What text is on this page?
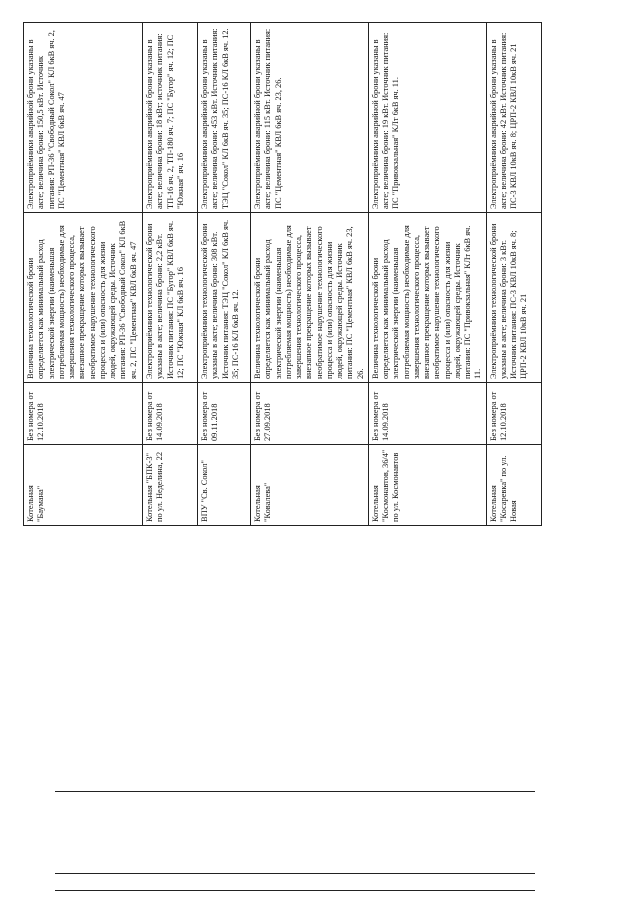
Котельная "Баумана"	Без номера от 12.10.2018	Величина технологической брони определяется как минимальный расход электрической энергии (наименьшая потребляемая мощность) необходимые для завершения технологического процесса, внезапное прекращение которых вызывает необратимое нарушение технологического процесса и (или) опасность для жизни людей, окружающей среды. Источник питания: РП-36 "Свободный Сокол" КЛ 6кВ яч. 2, ПС "Цементная" КВЛ 6кВ яч. 47	Электроприёмники аварийной брони указаны в акте; величина брони: 150,5 кВт. Источник питания: РП-36 "Свободный Сокол" КЛ 6кВ яч. 2, ПС "Цементная" КВЛ 6кВ яч. 47
Котельная "БПК-3" по ул. Неделина, 22	Без номера от 14.09.2018	Электроприёмники технологической брони указаны в акте; величина брони: 2,2 кВт. Источник питания: ПС "Бугор" КВЛ 6кВ яч. 12; ПС "Южная" КЛ 6кВ яч. 16	Электроприёмники аварийной брони указаны в акте; величина брони: 18 кВт; источник питания: ТП-16 яч. 2, ТП-180 яч. 7; ПС "Бугор" яч. 12; ПС "Южная" яч. 16
ВПУ "Св. Сокол"	Без номера от 09.11.2018	Электроприёмники технологической брони указаны в акте; величина брони: 308 кВт. Источник питания: ТЭЦ "Сокол" КЛ 6кВ яч. 35; ПС-16 КЛ 6кВ яч. 12.	Электроприёмники аварийной брони указаны в акте; величина брони: 453 кВт. Источник питания: ТЭЦ "Сокол" КЛ 6кВ яч. 35; ПС-16 КЛ 6кВ яч. 12.
Котельная "Ковалева"	Без номера от 27.09.2018	Величина технологической брони определяется как минимальный расход электрической энергии (наименьшая потребляемая мощность) необходимые для завершения технологического процесса, внезапное прекращение которых вызывает необратимое нарушение технологического процесса и (или) опасность для жизни людей, окружающей среды. Источник питания: ПС "Цементная" КВЛ 6кВ яч. 23, 26.	Электроприёмники аварийной брони указаны в акте; величина брони: 115 кВт. Источник питания: ПС "Цементная" КВЛ 6кВ яч. 23, 26.
Котельная "Космонавтов, 36/4" по ул. Космонавтов	Без номера от 14.09.2018	Величина технологической брони определяется как минимальный расход электрической энергии (наименьшая потребляемая мощность) необходимые для завершения технологического процесса, внезапное прекращение которых вызывает необратимое нарушение технологического процесса и (или) опасность для жизни людей, окружающей среды. Источник питания: ПС "Привокзальная" КЛт 6кВ яч. 11.	Электроприёмники аварийной брони указаны в акте; величина брони: 19 кВт. Источник питания: ПС "Привокзальная" КЛт 6кВ яч. 11.
Котельная "Косаревка" по ул. Новая	Без номера от 12.10.2018	Электроприёмники технологической брони указаны в акте; величина брони: 3 кВт. Источник питания: ПС-3 КВЛ 10кВ яч. 8; ЦРП-2 КВЛ 10кВ яч. 21	Электроприёмники аварийной брони указаны в акте; величина брони: 42 кВт. Источник питания: ПС-3 КВЛ 10кВ яч. 8; ЦРП-2 КВЛ 10кВ яч. 21
